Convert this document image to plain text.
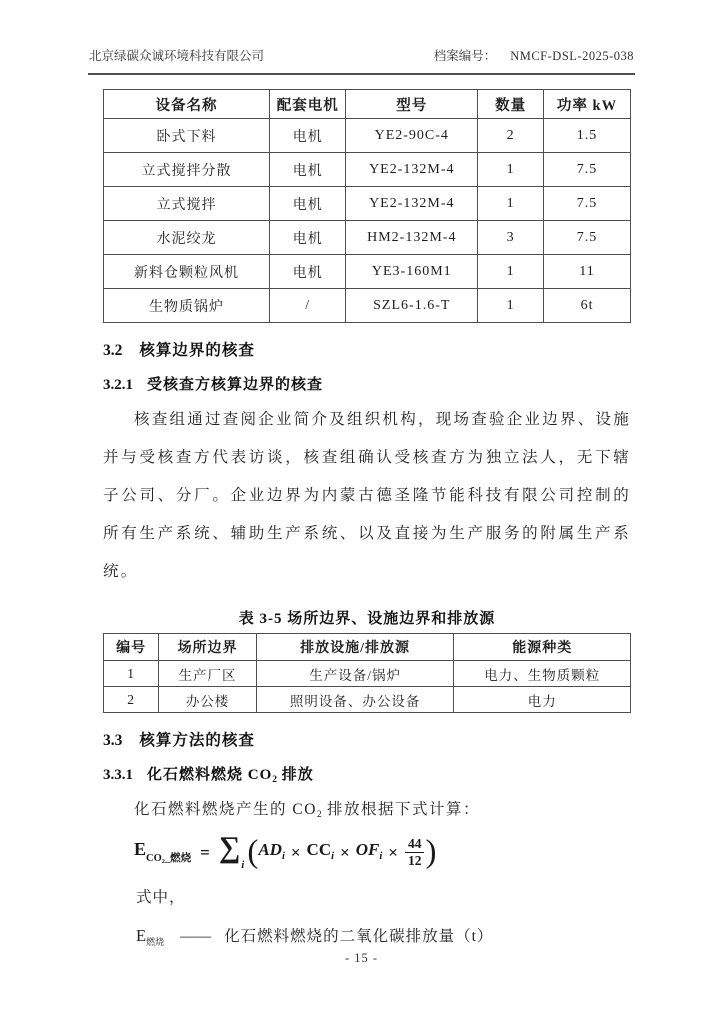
北京绿碳众诚环境科技有限公司	档案编号： NMCF-DSL-2025-038
设备名称	配套电机	型号	数量	功率 kW
卧式下料	电机	YE2-90C-4	2	1.5
立式搅拌分散	电机	YE2-132M-4	1	7.5
立式搅拌	电机	YE2-132M-4	1	7.5
水泥绞龙	电机	HM2-132M-4	3	7.5
新料仓颗粒风机	电机	YE3-160M1	1	11
生物质锅炉	/	SZL6-1.6-T	1	6t
3.2 核算边界的核查
3.2.1 受核查方核算边界的核查

核查组通过查阅企业简介及组织机构，现场查验企业边界、设施并与受核查方代表访谈，核查组确认受核查方为独立法人，无下辖子公司、分厂。企业边界为内蒙古德圣隆节能科技有限公司控制的所有生产系统、辅助生产系统、以及直接为生产服务的附属生产系统。

表 3-5 场所边界、设施边界和排放源
编号	场所边界	排放设施/排放源	能源种类
1	生产厂区	生产设备/锅炉	电力、生物质颗粒
2	办公楼	照明设备、办公设备	电力
3.3 核算方法的核查
3.3.1 化石燃料燃烧 $CO_2$ 排放

化石燃料燃烧产生的 $CO_2$ 排放根据下式计算：

$E_{CO_2\_燃烧} = \sum_i$ ( $AD_i \times CC_i \times OF_i \times \frac{44}{12}$ )
式中，
$E_{燃烧}$ —— 化石燃料燃烧的二氧化碳排放量（t）
- 15 -
